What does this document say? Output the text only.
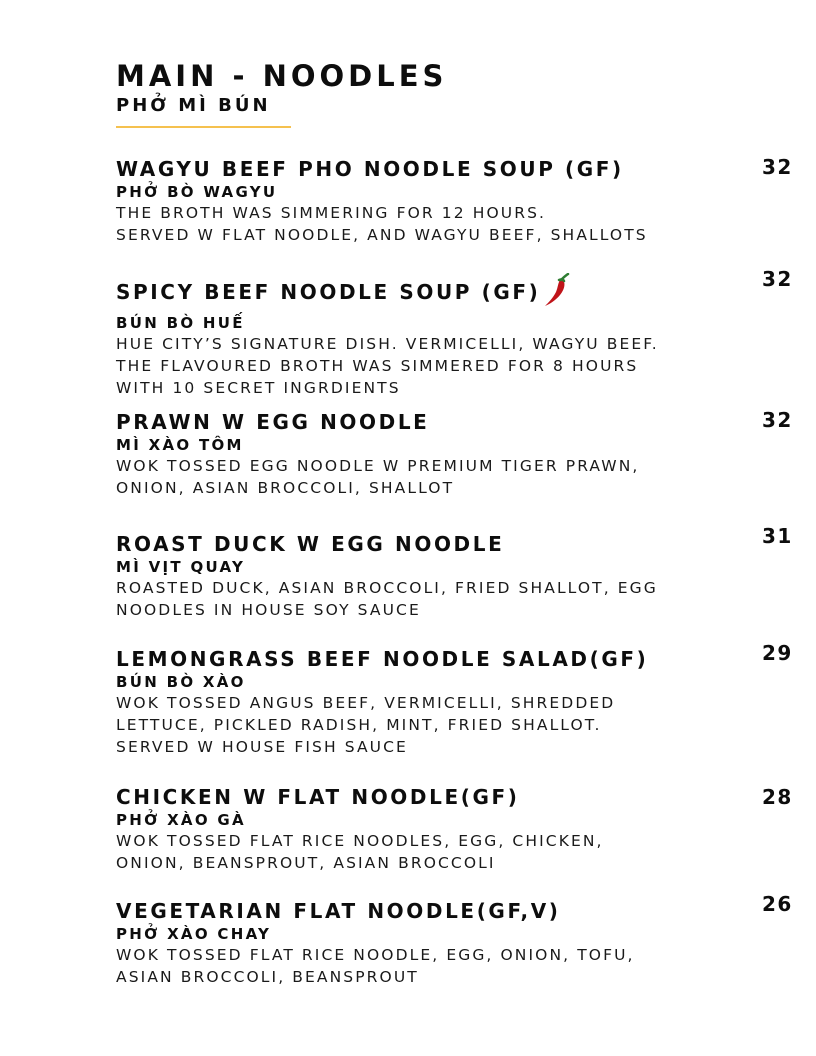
MAIN - NOODLES
PHỞ MÌ BÚN
WAGYU BEEF PHO NOODLE SOUP (GF)
PHỞ BÒ WAGYU
THE BROTH WAS SIMMERING FOR 12 HOURS.
SERVED W FLAT NOODLE, AND WAGYU BEEF, SHALLOTS
32
SPICY BEEF NOODLE SOUP (GF)
BÚN BÒ HUẾ
HUE CITY’S SIGNATURE DISH. VERMICELLI, WAGYU BEEF.
THE FLAVOURED BROTH WAS SIMMERED FOR 8 HOURS
WITH 10 SECRET INGRDIENTS
32
PRAWN W EGG NOODLE
MÌ XÀO TÔM
WOK TOSSED EGG NOODLE W PREMIUM TIGER PRAWN,
ONION, ASIAN BROCCOLI, SHALLOT
32
ROAST DUCK W EGG NOODLE
MÌ VỊT QUAY
ROASTED DUCK, ASIAN BROCCOLI, FRIED SHALLOT, EGG
NOODLES IN HOUSE SOY SAUCE
31
LEMONGRASS BEEF NOODLE SALAD(GF)
BÚN BÒ XÀO
WOK TOSSED ANGUS BEEF, VERMICELLI, SHREDDED
LETTUCE, PICKLED RADISH, MINT, FRIED SHALLOT.
SERVED W HOUSE FISH SAUCE
29
CHICKEN W FLAT NOODLE(GF)
PHỞ XÀO GÀ
WOK TOSSED FLAT RICE NOODLES, EGG, CHICKEN,
ONION, BEANSPROUT, ASIAN BROCCOLI
28
VEGETARIAN FLAT NOODLE(GF,V)
PHỞ XÀO CHAY
WOK TOSSED FLAT RICE NOODLE, EGG, ONION, TOFU,
ASIAN BROCCOLI, BEANSPROUT
26
